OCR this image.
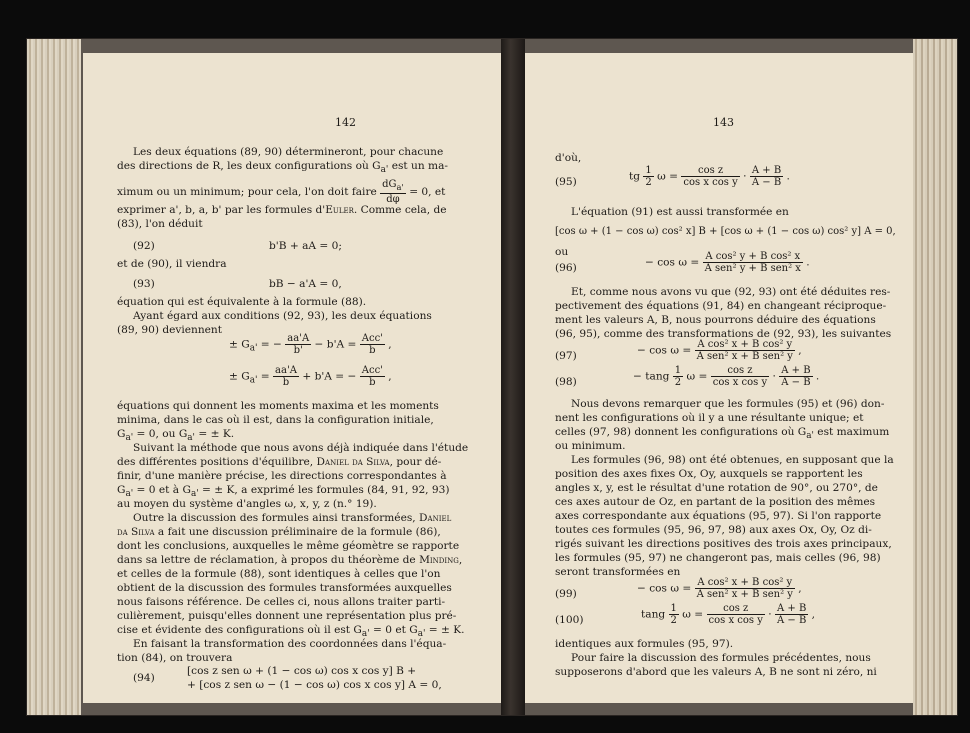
142
Les deux équations (89, 90) détermineront, pour chacune
des directions de R, les deux configurations où $G_{a'}$ est un ma-
ximum ou un minimum; pour cela, l'on doit faire $\frac{dG_{a'}}{d\varphi} = 0$, et
exprimer a', b, a, b' par les formules d'Euler. Comme cela, de
(83), l'on déduit
(92)	b'B + aA = 0;
et de (90), il viendra
(93)	bB − a'A = 0,
équation qui est équivalente à la formule (88).
Ayant égard aux conditions (92, 93), les deux équations
(89, 90) deviennent
± $G_{a'}$ = − $\frac{aa'A}{b'} - b'A = \frac{\text{Acc'}}{b}$ ,
± $G_{a'} = \frac{aa'A}{b} + b'A$ = − $\frac{\text{Acc'}}{b}$ ,
équations qui donnent les moments maxima et les moments
minima, dans le cas où il est, dans la configuration initiale,
$G_{a'} = 0$, ou $G_{a'}$ = ± K.
Suivant la méthode que nous avons déjà indiquée dans l'étude
des différentes positions d'équilibre, Daniel da Silva, pour dé-
finir, d'une manière précise, les directions correspondantes à
$G_{a'} = 0$ et à $G_{a'}$ = ± K, a exprimé les formules (84, 91, 92, 93)
au moyen du système d'angles ω, x, y, z (n.° 19).
Outre la discussion des formules ainsi transformées, Daniel
da Silva a fait une discussion préliminaire de la formule (86),
dont les conclusions, auxquelles le même géomètre se rapporte
dans sa lettre de réclamation, à propos du théorème de Minding,
et celles de la formule (88), sont identiques à celles que l'on
obtient de la discussion des formules transformées auxquelles
nous faisons référence. De celles ci, nous allons traiter parti-
culièrement, puisqu'elles donnent une représentation plus pré-
cise et évidente des configurations où il est $G_{a'} = 0$ et $G_{a'}$ = ± K.
En faisant la transformation des coordonnées dans l'équa-
tion (84), on trouvera
(94)
[cos z sen ω + (1 − cos ω) cos x cos y] B +
+ [cos z sen ω − (1 − cos ω) cos x cos y] A = 0,
143
d'où,
(95)	tg $\frac{1}{2}$ $\omega = \frac{\text{cos z}}{\text{cos x cos y}} \cdot \frac{A + B}{A - B}$ .
L'équation (91) est aussi transformée en
[cos ω + (1 − cos ω) cos² x] B + [cos ω + (1 − cos ω) cos² y] A = 0,
ou
(96)	− $\cos \omega = \frac{\text{A cos² y + B cos² x}}{\text{A sen² y + B sen² x}}$ .
Et, comme nous avons vu que (92, 93) ont été déduites res-
pectivement des équations (91, 84) en changeant réciproque-
ment les valeurs A, B, nous pourrons déduire des équations
(96, 95), comme des transformations de (92, 93), les suivantes
(97)	− $\cos \omega = \frac{\text{A cos² x + B cos² y}}{\text{A sen² x + B sen² y}}$ ,
(98)	− tang $\frac{1}{2}$ $\omega = \frac{\text{cos z}}{\text{cos x cos y}} \cdot \frac{A + B}{A - B}$ .
Nous devons remarquer que les formules (95) et (96) don-
nent les configurations où il y a une résultante unique; et
celles (97, 98) donnent les configurations où $G_{a'}$ est maximum
ou minimum.
Les formules (96, 98) ont été obtenues, en supposant que la
position des axes fixes Ox, Oy, auxquels se rapportent les
angles x, y, est le résultat d'une rotation de 90°, ou 270°, de
ces axes autour de Oz, en partant de la position des mêmes
axes correspondante aux équations (95, 97). Si l'on rapporte
toutes ces formules (95, 96, 97, 98) aux axes Ox, Oy, Oz di-
rigés suivant les directions positives des trois axes principaux,
les formules (95, 97) ne changeront pas, mais celles (96, 98)
seront transformées en
(99)	− $\cos \omega = \frac{\text{A cos² x + B cos² y}}{\text{A sen² x + B sen² y}}$ ,
(100)	tang $\frac{1}{2}$ $\omega = \frac{\text{cos z}}{\text{cos x cos y}} \cdot \frac{A + B}{A - B}$ ,
identiques aux formules (95, 97).
Pour faire la discussion des formules précédentes, nous
supposerons d'abord que les valeurs A, B ne sont ni zéro, ni
